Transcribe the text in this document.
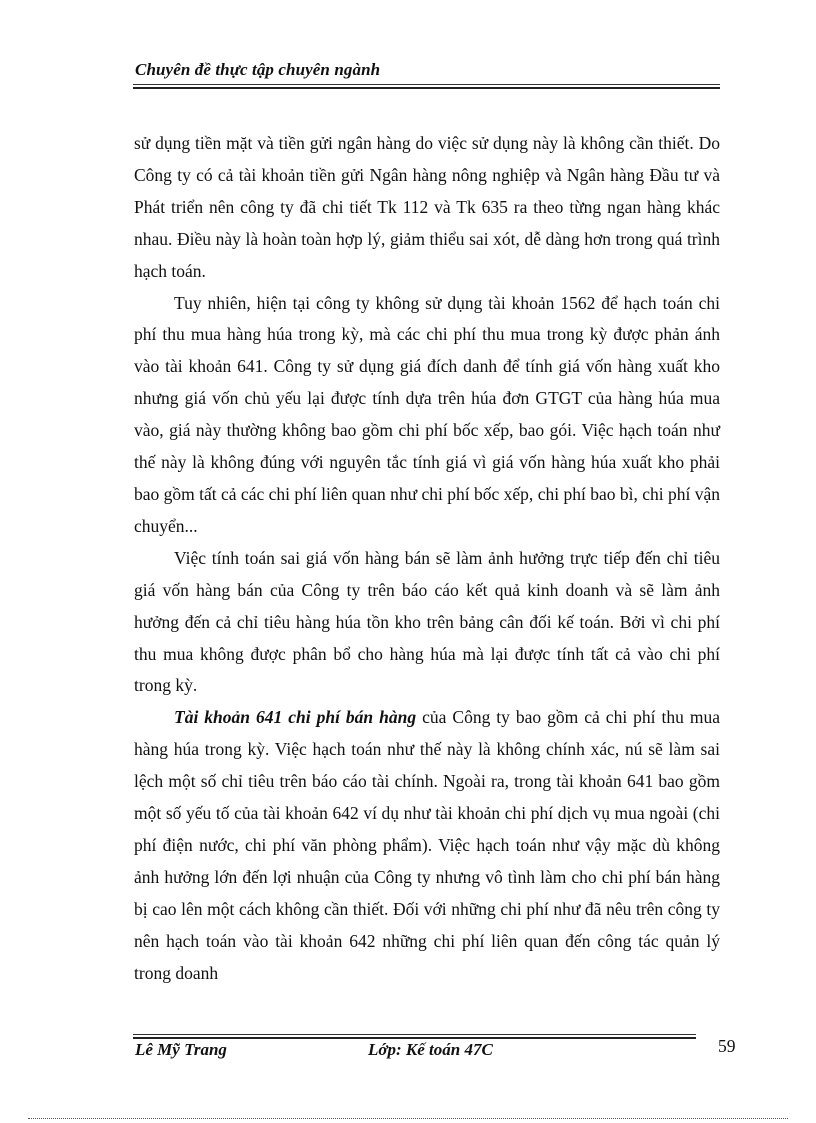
Chuyên đề thực tập chuyên ngành

sử dụng tiền mặt và tiền gửi ngân hàng do việc sử dụng này là không cần thiết. Do Công ty có cả tài khoản tiền gửi Ngân hàng nông nghiệp và Ngân hàng Đầu tư và Phát triển nên công ty đã chi tiết Tk 112 và Tk 635 ra theo từng ngan hàng khác nhau. Điều này là hoàn toàn hợp lý, giảm thiểu sai xót, dễ dàng hơn trong quá trình hạch toán.

Tuy nhiên, hiện tại công ty không sử dụng tài khoản 1562 để hạch toán chi phí thu mua hàng húa trong kỳ, mà các chi phí thu mua trong kỳ được phản ánh vào tài khoản 641. Công ty sử dụng giá đích danh để tính giá vốn hàng xuất kho nhưng giá vốn chủ yếu lại được tính dựa trên húa đơn GTGT của hàng húa mua vào, giá này thường không bao gồm chi phí bốc xếp, bao gói. Việc hạch toán như thế này là không đúng với nguyên tắc tính giá vì giá vốn hàng húa xuất kho phải bao gồm tất cả các chi phí liên quan như chi phí bốc xếp, chi phí bao bì, chi phí vận chuyển...

Việc tính toán sai giá vốn hàng bán sẽ làm ảnh hưởng trực tiếp đến chỉ tiêu giá vốn hàng bán của Công ty trên báo cáo kết quả kinh doanh và sẽ làm ảnh hưởng đến cả chỉ tiêu hàng húa tồn kho trên bảng cân đối kế toán. Bởi vì chi phí thu mua không được phân bổ cho hàng húa mà lại được tính tất cả vào chi phí trong kỳ.

Tài khoản 641 chi phí bán hàng của Công ty bao gồm cả chi phí thu mua hàng húa trong kỳ. Việc hạch toán như thế này là không chính xác, nú sẽ làm sai lệch một số chỉ tiêu trên báo cáo tài chính. Ngoài ra, trong tài khoản 641 bao gồm một số yếu tố của tài khoản 642 ví dụ như tài khoản chi phí dịch vụ mua ngoài (chi phí điện nước, chi phí văn phòng phẩm). Việc hạch toán như vậy mặc dù không ảnh hưởng lớn đến lợi nhuận của Công ty nhưng vô tình làm cho chi phí bán hàng bị cao lên một cách không cần thiết. Đối với những chi phí như đã nêu trên công ty nên hạch toán vào tài khoản 642 những chi phí liên quan đến công tác quản lý trong doanh

Lê Mỹ Trang	Lớp: Kế toán 47C	59
